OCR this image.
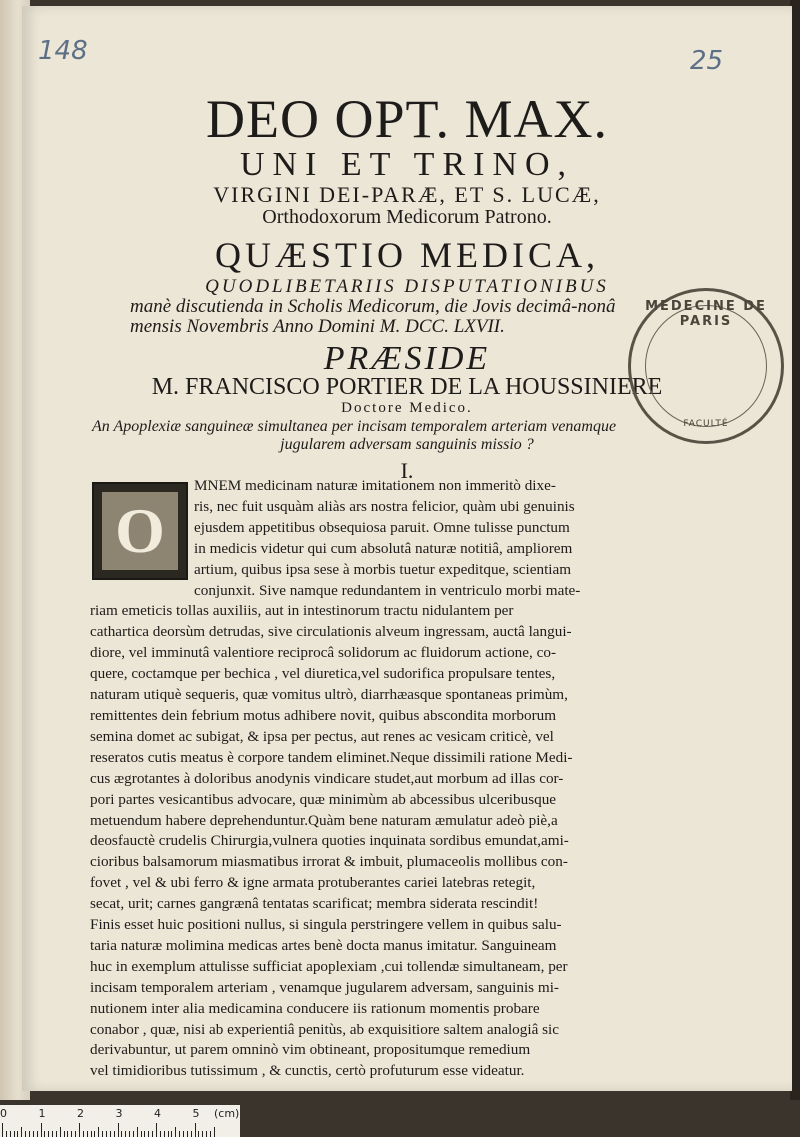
148	25
DEO OPT. MAX.
UNI ET TRINO,
VIRGINI DEI-PARÆ, ET S. LUCÆ,
Orthodoxorum Medicorum Patrono.
QUÆSTIO MEDICA,
QUODLIBETARIIS DISPUTATIONIBUS
manè discutienda in Scholis Medicorum, die Jovis decimâ-nonâ
mensis Novembris Anno Domini M. DCC. LXVII.
PRÆSIDE
M. FRANCISCO PORTIER DE LA HOUSSINIERE
Doctore Medico.
An Apoplexiæ sanguineæ simultanea per incisam temporalem arteriam venamque
jugularem adversam sanguinis missio ?
I.
MEDECINE DE PARIS
FACULTÉ
O

MNEM medicinam naturæ imitationem non immeritò dixe-

ris, nec fuit usquàm aliàs ars nostra felicior, quàm ubi genuinis

ejusdem appetitibus obsequiosa paruit. Omne tulisse punctum

in medicis videtur qui cum absolutâ naturæ notitiâ, ampliorem

artium, quibus ipsa sese à morbis tuetur expeditque, scientiam

conjunxit. Sive namque redundantem in ventriculo morbi mate-

riam emeticis tollas auxiliis, aut in intestinorum tractu nidulantem per

cathartica deorsùm detrudas, sive circulationis alveum ingressam, auctâ langui-

diore, vel imminutâ valentiore reciprocâ solidorum ac fluidorum actione, co-

quere, coctamque per bechica , vel diuretica,vel sudorifica propulsare tentes,

naturam utiquè sequeris, quæ vomitus ultrò, diarrhæasque spontaneas primùm,

remittentes dein febrium motus adhibere novit, quibus abscondita morborum

semina domet ac subigat, & ipsa per pectus, aut renes ac vesicam criticè, vel

reseratos cutis meatus è corpore tandem eliminet.Neque dissimili ratione Medi-

cus ægrotantes à doloribus anodynis vindicare studet,aut morbum ad illas cor-

pori partes vesicantibus advocare, quæ minimùm ab abcessibus ulceribusque

metuendum habere deprehenduntur.Quàm bene naturam æmulatur adeò piè,a

deosfauctè crudelis Chirurgia,vulnera quoties inquinata sordibus emundat,ami-

cioribus balsamorum miasmatibus irrorat & imbuit, plumaceolis mollibus con-

fovet , vel & ubi ferro & igne armata protuberantes cariei latebras retegit,

secat, urit; carnes gangrænâ tentatas scarificat; membra siderata rescindit!

Finis esset huic positioni nullus, si singula perstringere vellem in quibus salu-

taria naturæ molimina medicas artes benè docta manus imitatur. Sanguineam

huc in exemplum attulisse sufficiat apoplexiam ,cui tollendæ simultaneam, per

incisam temporalem arteriam , venamque jugularem adversam, sanguinis mi-

nutionem inter alia medicamina conducere iis rationum momentis probare

conabor , quæ, nisi ab experientiâ penitùs, ab exquisitiore saltem analogiâ sic

derivabuntur, ut parem omninò vim obtineant, propositumque remedium

vel timidioribus tutissimum , & cunctis, certò profuturum esse videatur.

0	1	2	3	4	5 (cm)
